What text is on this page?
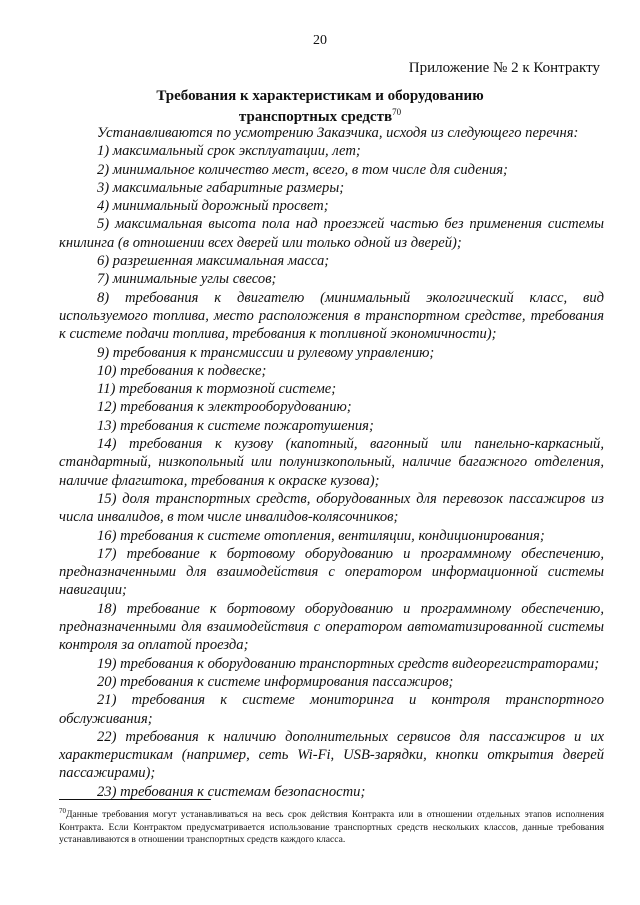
20
Приложение № 2 к Контракту
Требования к характеристикам и оборудованию
транспортных средств$^{70}$

Устанавливаются по усмотрению Заказчика, исходя из следующего перечня:

1) максимальный срок эксплуатации, лет;

2) минимальное количество мест, всего, в том числе для сидения;

3) максимальные габаритные размеры;

4) минимальный дорожный просвет;

5) максимальная высота пола над проезжей частью без применения системы книлинга (в отношении всех дверей или только одной из дверей);

6) разрешенная максимальная масса;

7) минимальные углы свесов;

8) требования к двигателю (минимальный экологический класс, вид используемого топлива, место расположения в транспортном средстве, требования к системе подачи топлива, требования к топливной экономичности);

9) требования к трансмиссии и рулевому управлению;

10) требования к подвеске;

11) требования к тормозной системе;

12) требования к электрооборудованию;

13) требования к системе пожаротушения;

14) требования к кузову (капотный, вагонный или панельно-каркасный, стандартный, низкопольный или полунизкопольный, наличие багажного отделения, наличие флагштока, требования к окраске кузова);

15) доля транспортных средств, оборудованных для перевозок пассажиров из числа инвалидов, в том числе инвалидов-колясочников;

16) требования к системе отопления, вентиляции, кондиционирования;

17) требование к бортовому оборудованию и программному обеспечению, предназначенными для взаимодействия с оператором информационной системы навигации;

18) требование к бортовому оборудованию и программному обеспечению, предназначенными для взаимодействия с оператором автоматизированной системы контроля за оплатой проезда;

19) требования к оборудованию транспортных средств видеорегистраторами;

20) требования к системе информирования пассажиров;

21) требования к системе мониторинга и контроля транспортного обслуживания;

22) требования к наличию дополнительных сервисов для пассажиров и их характеристикам (например, сеть Wi-Fi, USB-зарядки, кнопки открытия дверей пассажирами);

23) требования к системам безопасности;

$^{70}$Данные требования могут устанавливаться на весь срок действия Контракта или в отношении отдельных этапов исполнения Контракта. Если Контрактом предусматривается использование транспортных средств нескольких классов, данные требования устанавливаются в отношении транспортных средств каждого класса.
